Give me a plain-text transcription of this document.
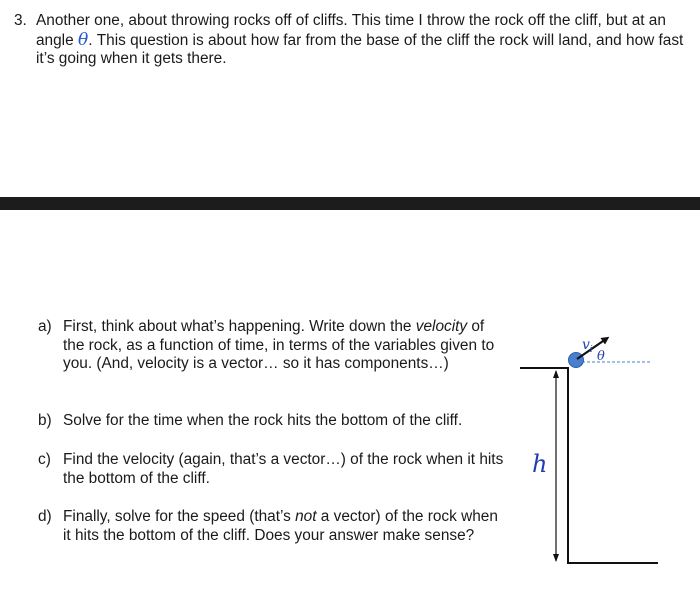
3. Another one, about throwing rocks off of cliffs. This time I throw the rock off the cliff, but at an angle θ. This question is about how far from the base of the cliff the rock will land, and how fast it’s going when it gets there.
a) First, think about what’s happening. Write down the velocity of the rock, as a function of time, in terms of the variables given to you. (And, velocity is a vector… so it has components…)
b) Solve for the time when the rock hits the bottom of the cliff.
c) Find the velocity (again, that’s a vector…) of the rock when it hits the bottom of the cliff.
d) Finally, solve for the speed (that’s not a vector) of the rock when it hits the bottom of the cliff. Does your answer make sense?
$v_i$ θ
h
